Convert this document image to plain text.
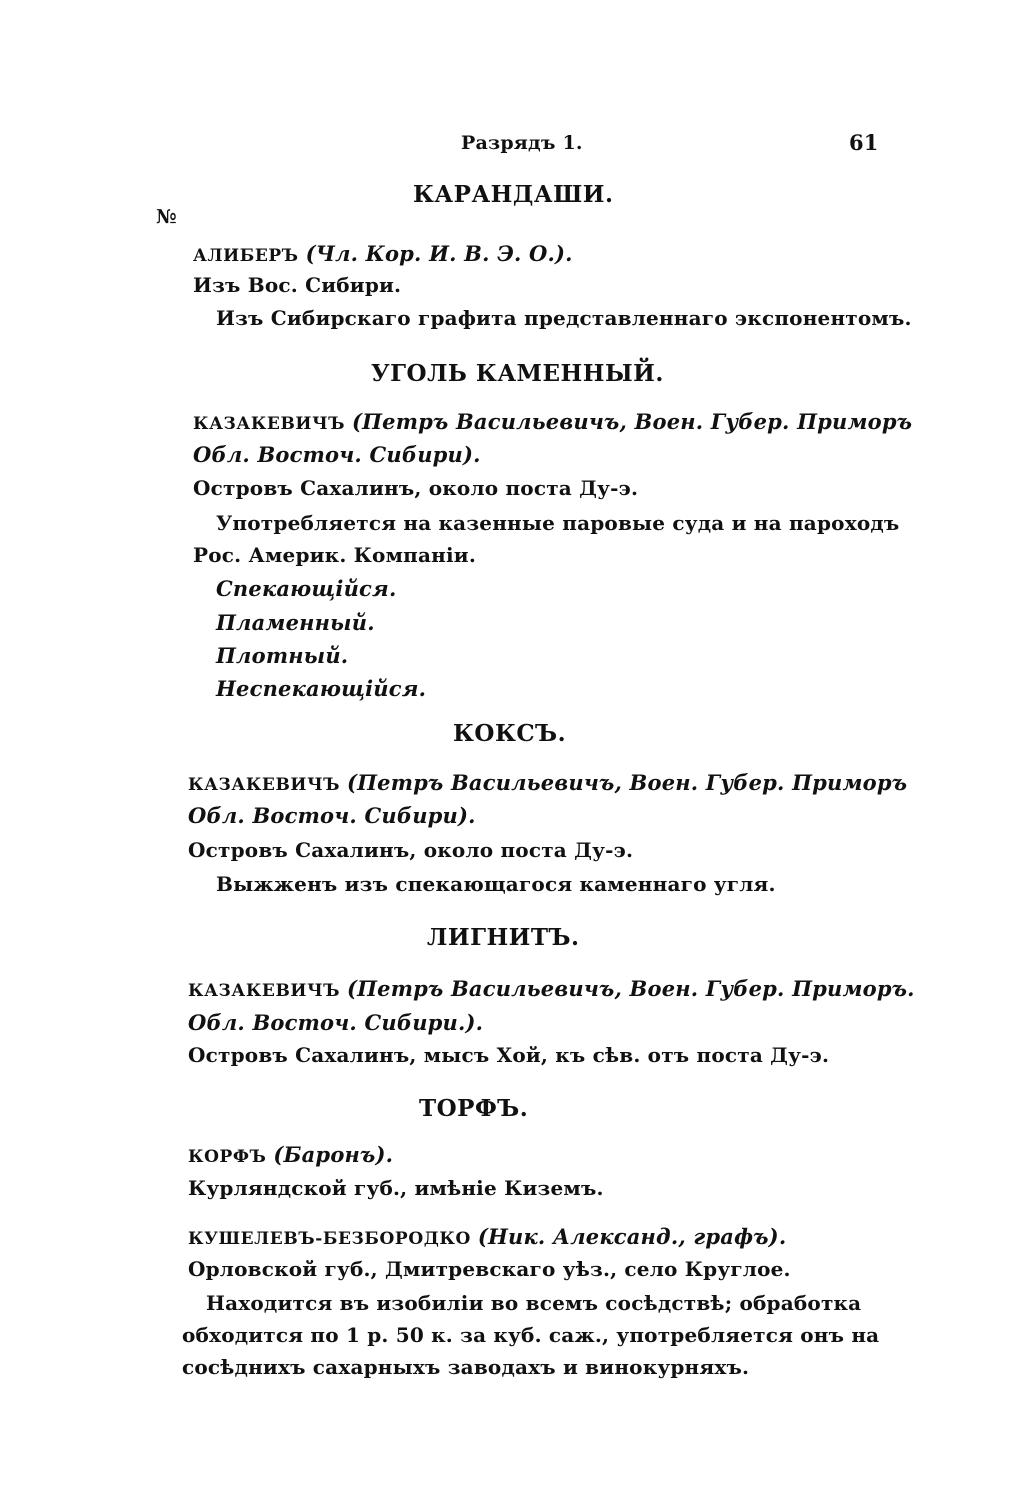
Разрядъ 1.	61
КАРАНДАШИ.
№
АЛИБЕРЪ (Чл. Кор. И. В. Э. О.).
Изъ Вос. Сибири.
Изъ Сибирскаго графита представленнаго экспонентомъ.
УГОЛЬ КАМЕННЫЙ.
КАЗАКЕВИЧЪ (Петръ Васильевичъ, Воен. Губер. Приморъ
Обл. Восточ. Сибири).
Островъ Сахалинъ, около поста Ду-э.
Употребляется на казенные паровые суда и на пароходъ
Рос. Америк. Компаніи.
Спекающійся.
Пламенный.
Плотный.
Неспекающійся.
КОКСЪ.
КАЗАКЕВИЧЪ (Петръ Васильевичъ, Воен. Губер. Приморъ
Обл. Восточ. Сибири).
Островъ Сахалинъ, около поста Ду-э.
Выжженъ изъ спекающагося каменнаго угля.
ЛИГНИТЪ.
КАЗАКЕВИЧЪ (Петръ Васильевичъ, Воен. Губер. Приморъ.
Обл. Восточ. Сибири.).
Островъ Сахалинъ, мысъ Хой, къ сѣв. отъ поста Ду-э.
ТОРФЪ.
КОРФЪ (Баронъ).
Курляндской губ., имѣніе Киземъ.
КУШЕЛЕВЪ-БЕЗБОРОДКО (Ник. Александ., графъ).
Орловской губ., Дмитревскаго уѣз., село Круглое.
Находится въ изобиліи во всемъ сосѣдствѣ; обработка
обходится по 1 р. 50 к. за куб. саж., употребляется онъ на
сосѣднихъ сахарныхъ заводахъ и винокурняхъ.
